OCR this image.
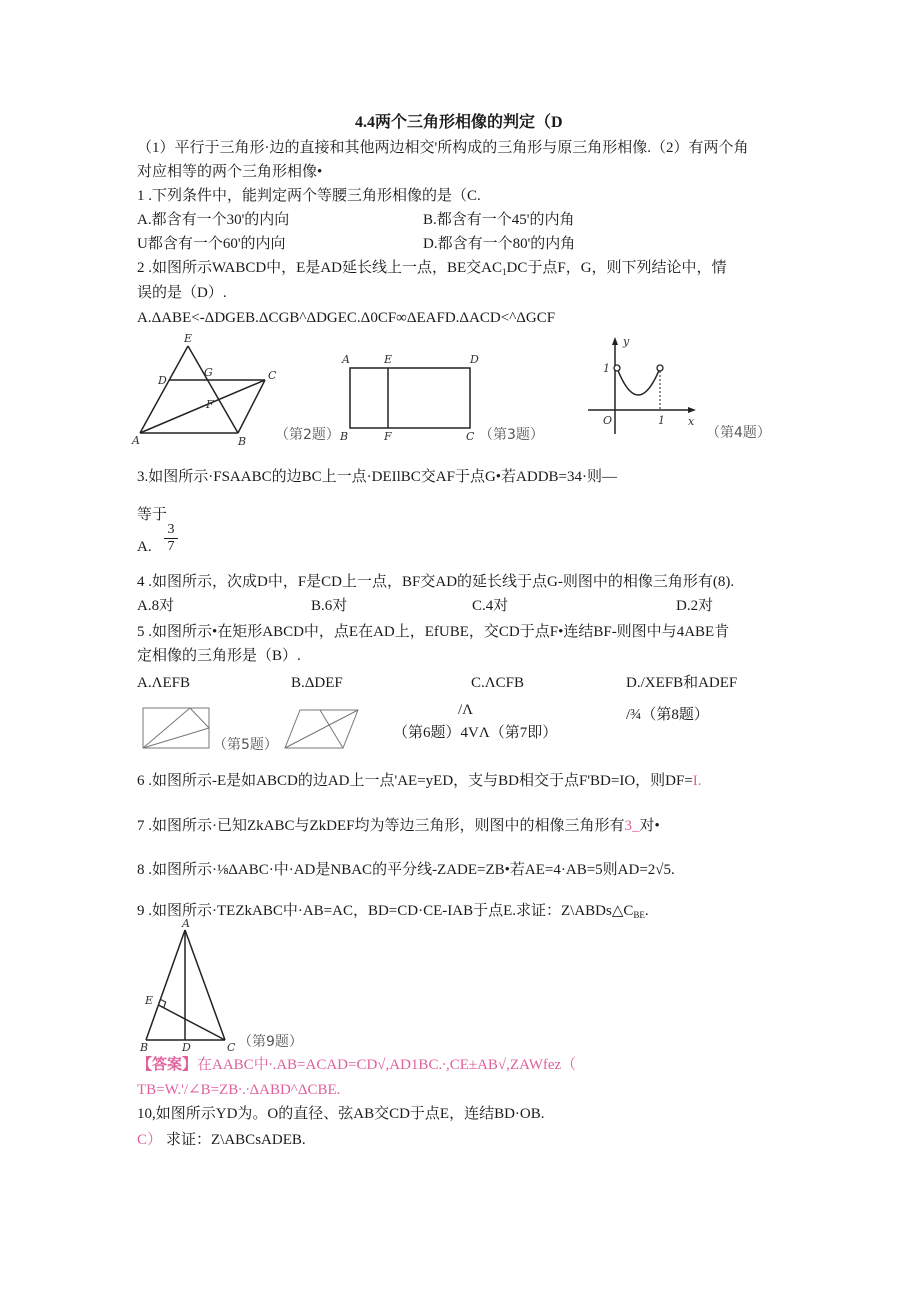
4.4两个三角形相像的判定（D
（1）平行于三角形·边的直接和其他两边相交'所构成的三角形与原三角形相像.（2）有两个角
对应相等的两个三角形相像•
1 .下列条件中，能判定两个等腰三角形相像的是（C.
A.都含有一个30'的内向	B.都含有一个45'的内角
U都含有一个60'的内向	D.都含有一个80'的内角
2 .如图所示WABCD中，E是AD延长线上一点，BE交$AC_1DC$于点F，G，则下列结论中，情
误的是（D）.
A.ΔABE<-ΔDGEB.ΔCGB^ΔDGEC.Δ0CF∞ΔEAFD.ΔACD<^ΔGCF
E
D
G	C
F
A	B （第2题）
A	E	D
B	F	C （第3题）
y
1
O	1 x
（第4题）
3.如图所示·FSAABC的边BC上一点·DEIlBC交AF于点G•若ADDB=34·则—
等于
A. $\frac{3}{7}$
4 .如图所示，次成D中，F是CD上一点，BF交AD的延长线于点G-则图中的相像三角形有(8).
A.8对	B.6对	C.4对	D.2对
5 .如图所示•在矩形ABCD中，点E在AD上，EfUBE，交CD于点F•连结BF-则图中与4ABE肯
定相像的三角形是（B）.
A.ΛEFB	B.ΔDEF	C.ΛCFB	D./XEFB和ADEF
（第5题）
/Λ
（第6题）4VΛ（第7即）
/¾（第8题）
6 .如图所示-E是如ABCD的边AD上一点'AE=yED，支与BD相交于点F'BD=IO，则DF=I.
7 .如图所示·已知ZkABC与ZkDEF均为等边三角形，则图中的相像三角形有3_对•
8 .如图所示·⅛ΔABC·中·AD是NBAC的平分线-ZADE=ZB•若AE=4·AB=5则AD=2√5.
9 .如图所示·TEZkABC中·AB=AC，BD=CD·CE-IAB于点E.求证：$Z\backslash ABDs\triangle C_{BE}$.
A
E
B	D	C （第9题）
【答案】在AABC中∙.AB=ACAD=CD√,AD1BC.∙,CE±AB√,ZAWfez（
TB=W.'/∠B=ZB∙.∙ΔABD^ΔCBE.
10,如图所示YD为。O的直径、弦AB交CD于点E，连结BD·OB.
C） 求证：Z\ABCsADEB.
